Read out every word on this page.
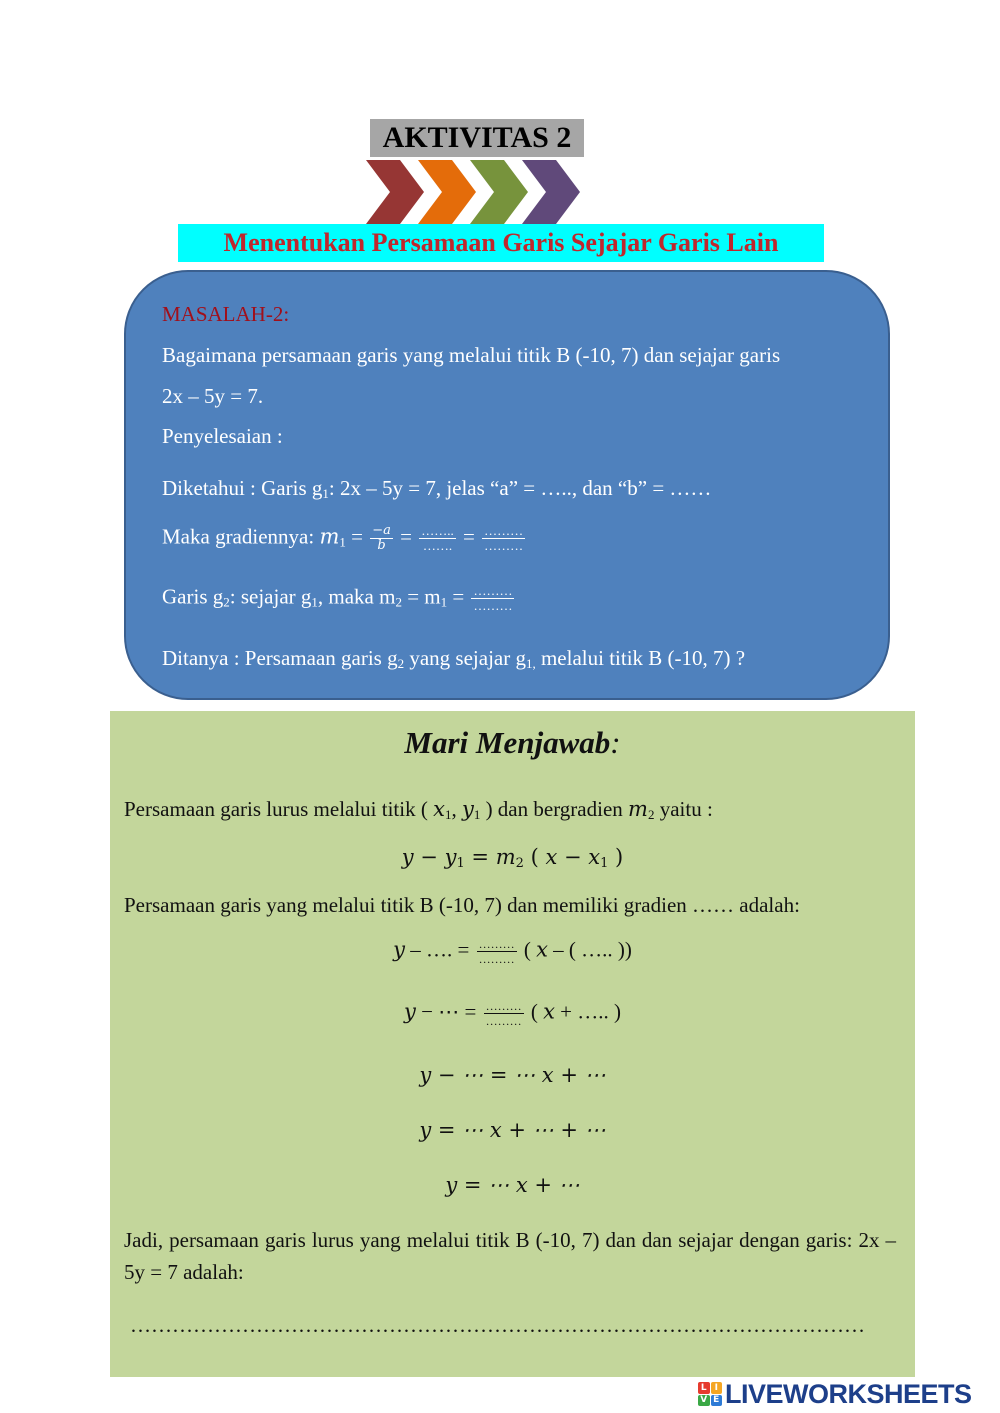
AKTIVITAS 2
Menentukan Persamaan Garis Sejajar Garis Lain
MASALAH-2:
Bagaimana persamaan garis yang melalui titik B (-10, 7) dan sejajar garis
2x – 5y = 7.
Penyelesaian :
Diketahui : Garis $g_1$: 2x – 5y = 7, jelas “a” = ….., dan “b” = ……
Maka gradiennya: $m_1 = \frac{-a}{b} = \frac{\dots\dots..}{\dots\dots.} = \frac{\dots\dots\dots}{\dots\dots\dots}$
Garis $g_2$: sejajar $g_1$, maka $m_2 = m_1 = \frac{\dots\dots\dots}{\dots\dots\dots}$
Ditanya : Persamaan garis $g_2$ yang sejajar $g_{1,}$ melalui titik B (-10, 7) ?
Mari Menjawab:
Persamaan garis lurus melalui titik ( $x_1$, $y_1$ ) dan bergradien $m_2$ yaitu :
$y - y_1 = m_2$ ( $x - x_1$ )
Persamaan garis yang melalui titik B (-10, 7) dan memiliki gradien …… adalah:
y – …. = $\frac{\dots\dots\dots}{\dots\dots\dots}$ ( x – ( ….. ))
y − ⋯ = $\frac{\dots\dots\dots}{\dots\dots\dots}$ ( x + ….. )
y − ⋯ = ⋯ x + ⋯
y = ⋯ x + ⋯ + ⋯
y = ⋯ x + ⋯
Jadi, persamaan garis lurus yang melalui titik B (-10, 7) dan dan sejajar dengan garis: 2x – 5y = 7 adalah:
……………………………………………………………………………………………
L I
V E LIVEWORKSHEETS
